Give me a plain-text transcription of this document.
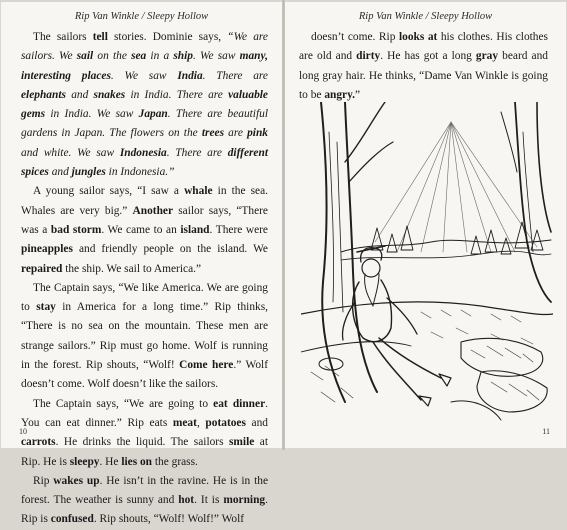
Rip Van Winkle / Sleepy Hollow

The sailors tell stories. Dominie says, “We are sailors. We sail on the sea in a ship. We saw many, interesting places. We saw India. There are elephants and snakes in India. There are valuable gems in India. We saw Japan. There are beautiful gardens in Japan. The flowers on the trees are pink and white. We saw Indonesia. There are different spices and jungles in Indonesia.”

A young sailor says, “I saw a whale in the sea. Whales are very big.” Another sailor says, “There was a bad storm. We came to an island. There were pineapples and friendly people on the island. We repaired the ship. We sail to America.”

The Captain says, “We like America. We are going to stay in America for a long time.” Rip thinks, “There is no sea on the mountain. These men are strange sailors.” Rip must go home. Wolf is running in the forest. Rip shouts, “Wolf! Come here.” Wolf doesn’t come. Wolf doesn’t like the sailors.

The Captain says, “We are going to eat dinner. You can eat dinner.” Rip eats meat, potatoes and carrots. He drinks the liquid. The sailors smile at Rip. He is sleepy. He lies on the grass.

Rip wakes up. He isn’t in the ravine. He is in the forest. The weather is sunny and hot. It is morning. Rip is confused. Rip shouts, “Wolf! Wolf!” Wolf

10
Rip Van Winkle / Sleepy Hollow

doesn’t come. Rip looks at his clothes. His clothes are old and dirty. He has got a long gray beard and long gray hair. He thinks, “Dame Van Winkle is going to be angry.”

11
